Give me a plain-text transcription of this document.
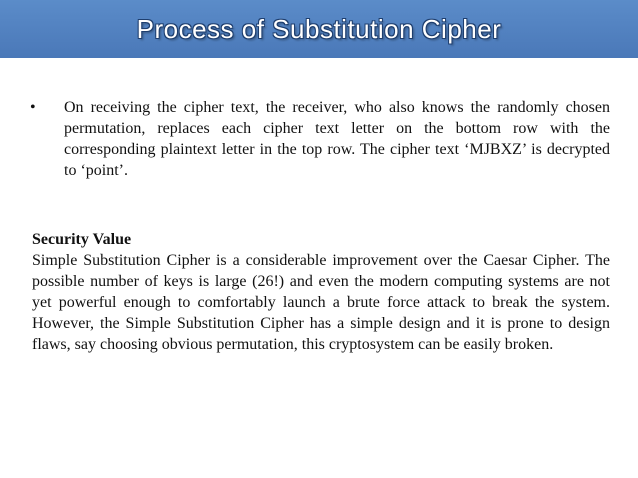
Process of Substitution Cipher
•	On receiving the cipher text, the receiver, who also knows the randomly chosen permutation, replaces each cipher text letter on the bottom row with the corresponding plaintext letter in the top row. The cipher text ‘MJBXZ’ is decrypted to ‘point’.
Security Value
Simple Substitution Cipher is a considerable improvement over the Caesar Cipher. The possible number of keys is large (26!) and even the modern computing systems are not yet powerful enough to comfortably launch a brute force attack to break the system. However, the Simple Substitution Cipher has a simple design and it is prone to design flaws, say choosing obvious permutation, this cryptosystem can be easily broken.
